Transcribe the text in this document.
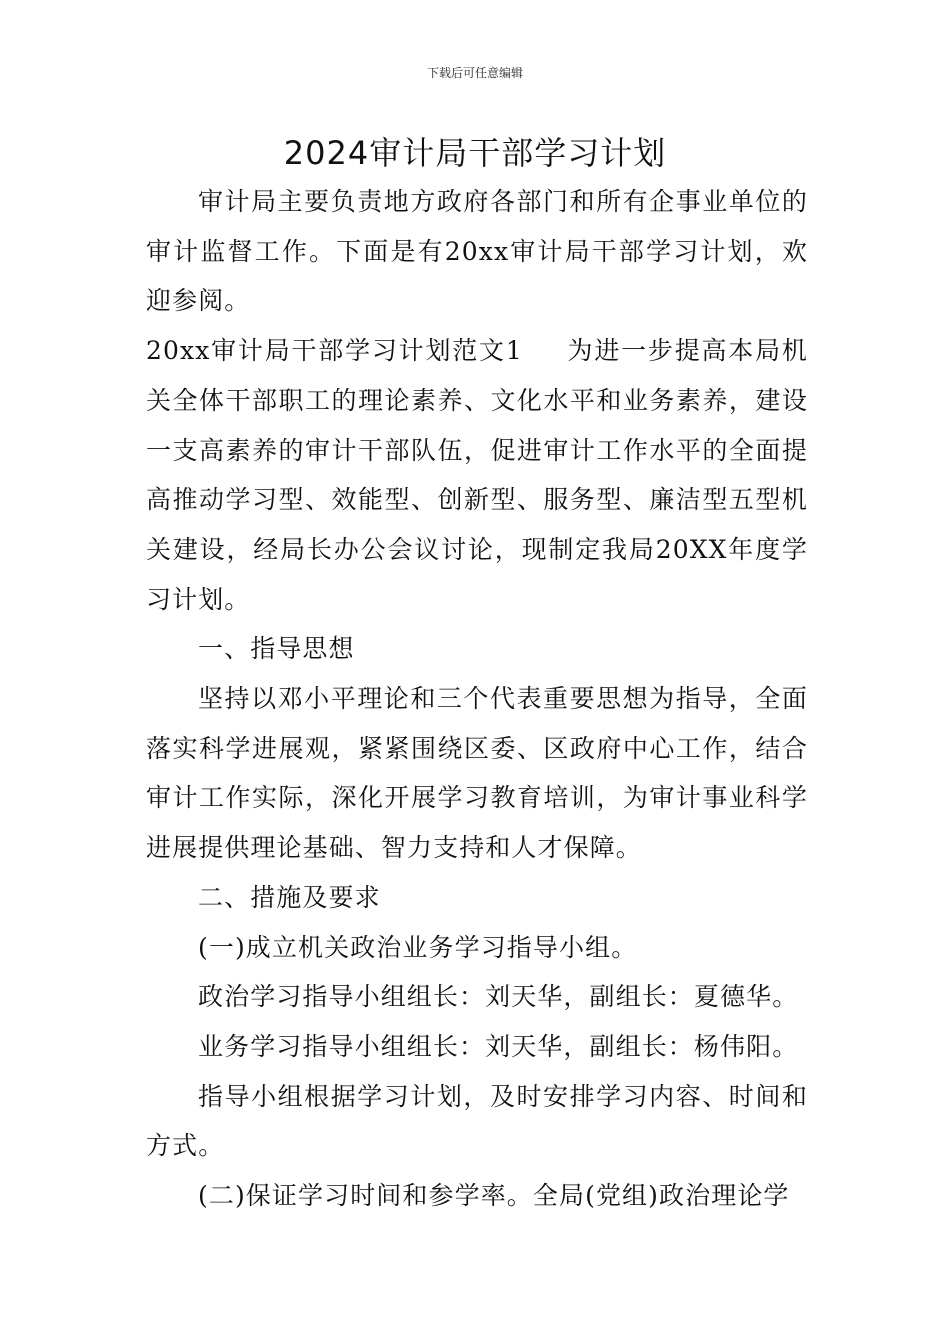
下载后可任意编辑
2024审计局干部学习计划

审计局主要负责地方政府各部门和所有企事业单位的审计监督工作。下面是有20xx审计局干部学习计划，欢迎参阅。

20xx审计局干部学习计划范文1 为进一步提高本局机关全体干部职工的理论素养、文化水平和业务素养，建设一支高素养的审计干部队伍，促进审计工作水平的全面提高推动学习型、效能型、创新型、服务型、廉洁型五型机关建设，经局长办公会议讨论，现制定我局20XX年度学习计划。

一、指导思想

坚持以邓小平理论和三个代表重要思想为指导，全面落实科学进展观，紧紧围绕区委、区政府中心工作，结合审计工作实际，深化开展学习教育培训，为审计事业科学进展提供理论基础、智力支持和人才保障。

二、措施及要求

(一)成立机关政治业务学习指导小组。

政治学习指导小组组长：刘天华，副组长：夏德华。

业务学习指导小组组长：刘天华，副组长：杨伟阳。

指导小组根据学习计划，及时安排学习内容、时间和方式。

(二)保证学习时间和参学率。全局(党组)政治理论学
